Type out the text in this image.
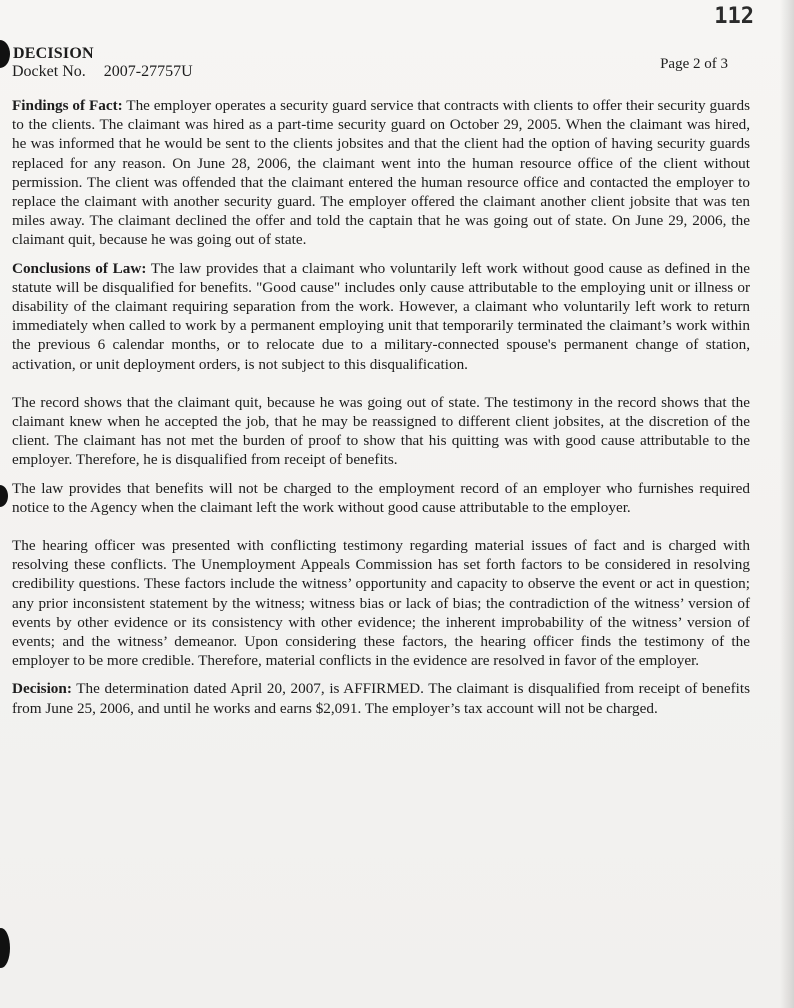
112
DECISION
Docket No. 2007-27757U	Page 2 of 3

Findings of Fact: The employer operates a security guard service that contracts with clients to offer their security guards to the clients. The claimant was hired as a part-time security guard on October 29, 2005. When the claimant was hired, he was informed that he would be sent to the clients jobsites and that the client had the option of having security guards replaced for any reason. On June 28, 2006, the claimant went into the human resource office of the client without permission. The client was offended that the claimant entered the human resource office and contacted the employer to replace the claimant with another security guard. The employer offered the claimant another client jobsite that was ten miles away. The claimant declined the offer and told the captain that he was going out of state. On June 29, 2006, the claimant quit, because he was going out of state.

Conclusions of Law: The law provides that a claimant who voluntarily left work without good cause as defined in the statute will be disqualified for benefits. "Good cause" includes only cause attributable to the employing unit or illness or disability of the claimant requiring separation from the work. However, a claimant who voluntarily left work to return immediately when called to work by a permanent employing unit that temporarily terminated the claimant’s work within the previous 6 calendar months, or to relocate due to a military-connected spouse's permanent change of station, activation, or unit deployment orders, is not subject to this disqualification.

The record shows that the claimant quit, because he was going out of state. The testimony in the record shows that the claimant knew when he accepted the job, that he may be reassigned to different client jobsites, at the discretion of the client. The claimant has not met the burden of proof to show that his quitting was with good cause attributable to the employer. Therefore, he is disqualified from receipt of benefits.

The law provides that benefits will not be charged to the employment record of an employer who furnishes required notice to the Agency when the claimant left the work without good cause attributable to the employer.

The hearing officer was presented with conflicting testimony regarding material issues of fact and is charged with resolving these conflicts. The Unemployment Appeals Commission has set forth factors to be considered in resolving credibility questions. These factors include the witness’ opportunity and capacity to observe the event or act in question; any prior inconsistent statement by the witness; witness bias or lack of bias; the contradiction of the witness’ version of events by other evidence or its consistency with other evidence; the inherent improbability of the witness’ version of events; and the witness’ demeanor. Upon considering these factors, the hearing officer finds the testimony of the employer to be more credible. Therefore, material conflicts in the evidence are resolved in favor of the employer.

Decision: The determination dated April 20, 2007, is AFFIRMED. The claimant is disqualified from receipt of benefits from June 25, 2006, and until he works and earns $2,091. The employer’s tax account will not be charged.
